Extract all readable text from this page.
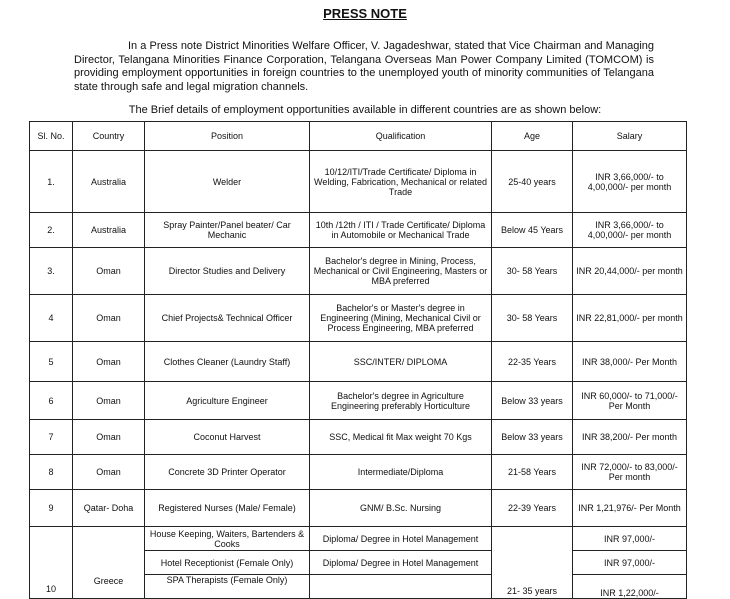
PRESS NOTE
In a Press note District Minorities Welfare Officer, V. Jagadeshwar, stated that Vice Chairman and Managing Director, Telangana Minorities Finance Corporation, Telangana Overseas Man Power Company Limited (TOMCOM) is providing employment opportunities in foreign countries to the unemployed youth of minority communities of Telangana state through safe and legal migration channels.
The Brief details of employment opportunities available in different countries are as shown below:
Sl. No.	Country	Position	Qualification	Age	Salary
1.	Australia	Welder	10/12/ITI/Trade Certificate/ Diploma in Welding, Fabrication, Mechanical or related Trade	25-40 years	INR 3,66,000/- to 4,00,000/- per month
2.	Australia	Spray Painter/Panel beater/ Car Mechanic	10th /12th / ITI / Trade Certificate/ Diploma in Automobile or Mechanical Trade	Below 45 Years	INR 3,66,000/- to 4,00,000/- per month
3.	Oman	Director Studies and Delivery	Bachelor's degree in Mining, Process, Mechanical or Civil Engineering, Masters or MBA preferred	30- 58 Years	INR 20,44,000/- per month
4	Oman	Chief Projects& Technical Officer	Bachelor's or Master's degree in Engineering (Mining, Mechanical Civil or Process Engineering, MBA preferred	30- 58 Years	INR 22,81,000/- per month
5	Oman	Clothes Cleaner (Laundry Staff)	SSC/INTER/ DIPLOMA	22-35 Years	INR 38,000/- Per Month
6	Oman	Agriculture Engineer	Bachelor's degree in Agriculture Engineering preferably Horticulture	Below 33 years	INR 60,000/- to 71,000/- Per Month
7	Oman	Coconut Harvest	SSC, Medical fit Max weight 70 Kgs	Below 33 years	INR 38,200/- Per month
8	Oman	Concrete 3D Printer Operator	Intermediate/Diploma	21-58 Years	INR 72,000/- to 83,000/- Per month
9	Qatar- Doha	Registered Nurses (Male/ Female)	GNM/ B.Sc. Nursing	22-39 Years	INR 1,21,976/- Per Month
10	Greece	House Keeping, Waiters, Bartenders & Cooks	Diploma/ Degree in Hotel Management	21- 35 years	INR 97,000/-
		Hotel Receptionist (Female Only)	Diploma/ Degree in Hotel Management		INR 97,000/-
		SPA Therapists (Female Only)			INR 1,22,000/-
